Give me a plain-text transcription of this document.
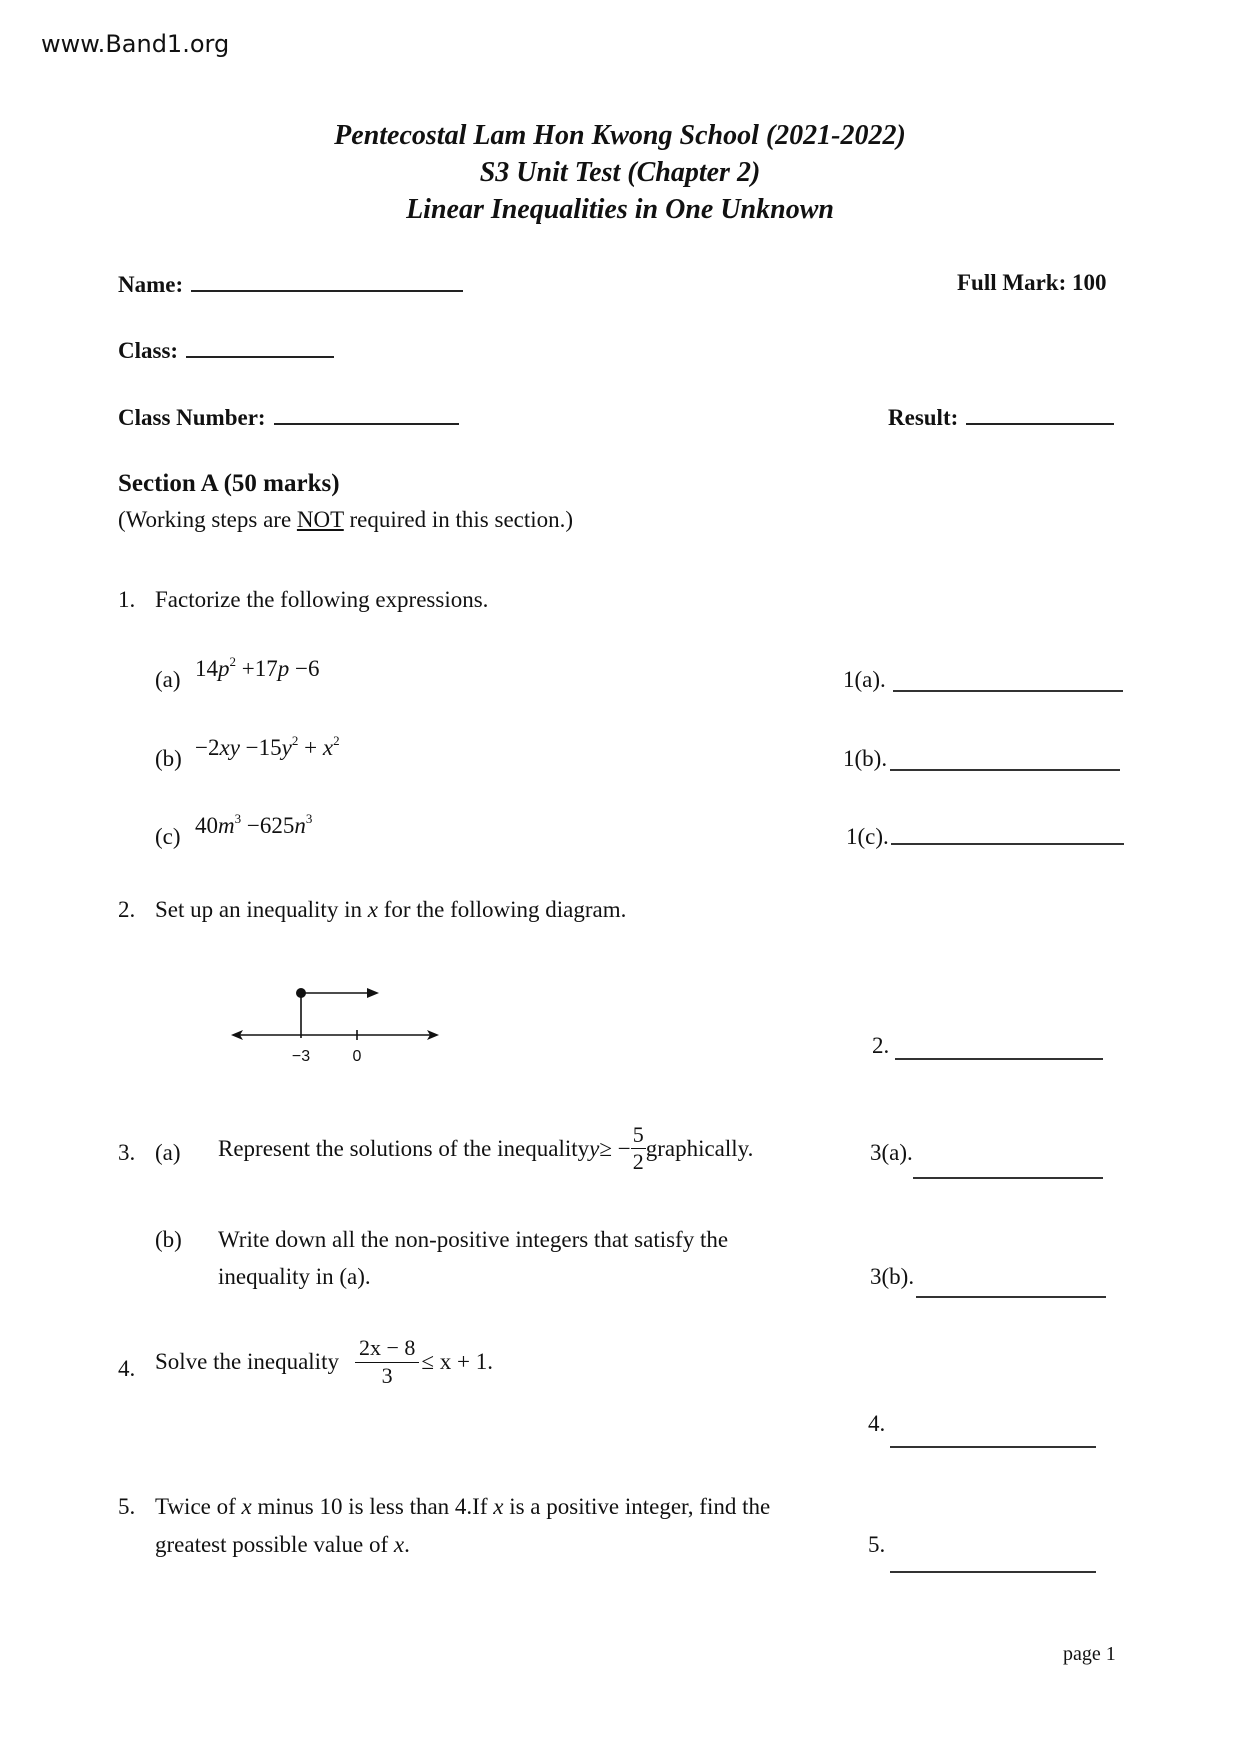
www.Band1.org
Pentecostal Lam Hon Kwong School (2021-2022)
S3 Unit Test (Chapter 2)
Linear Inequalities in One Unknown
Name:	Full Mark: 100
Class:
Class Number:	Result:
Section A (50 marks)
(Working steps are NOT required in this section.)
1. Factorize the following expressions.
(a) $14p^2 +17p -6$	1(a).
$(b) -2xy -15y^2 + x^2$
1(b).
(c) $40m^3 -625n^3$
1(c).
2. Set up an inequality in x for the following diagram.
−3	0	2.
3. (a) Represent the solutions of the inequality y ≥ − $\frac{5}{2}$ graphically.	3(a).
(b) Write down all the non-positive integers that satisfy the
inequality in (a).	3(b).
4. Solve the inequality $\frac{2x - 8}{3} \le x + 1$.
4.
5. Twice of x minus 10 is less than 4.If x is a positive integer, find the
greatest possible value of x.	5.
page 1
